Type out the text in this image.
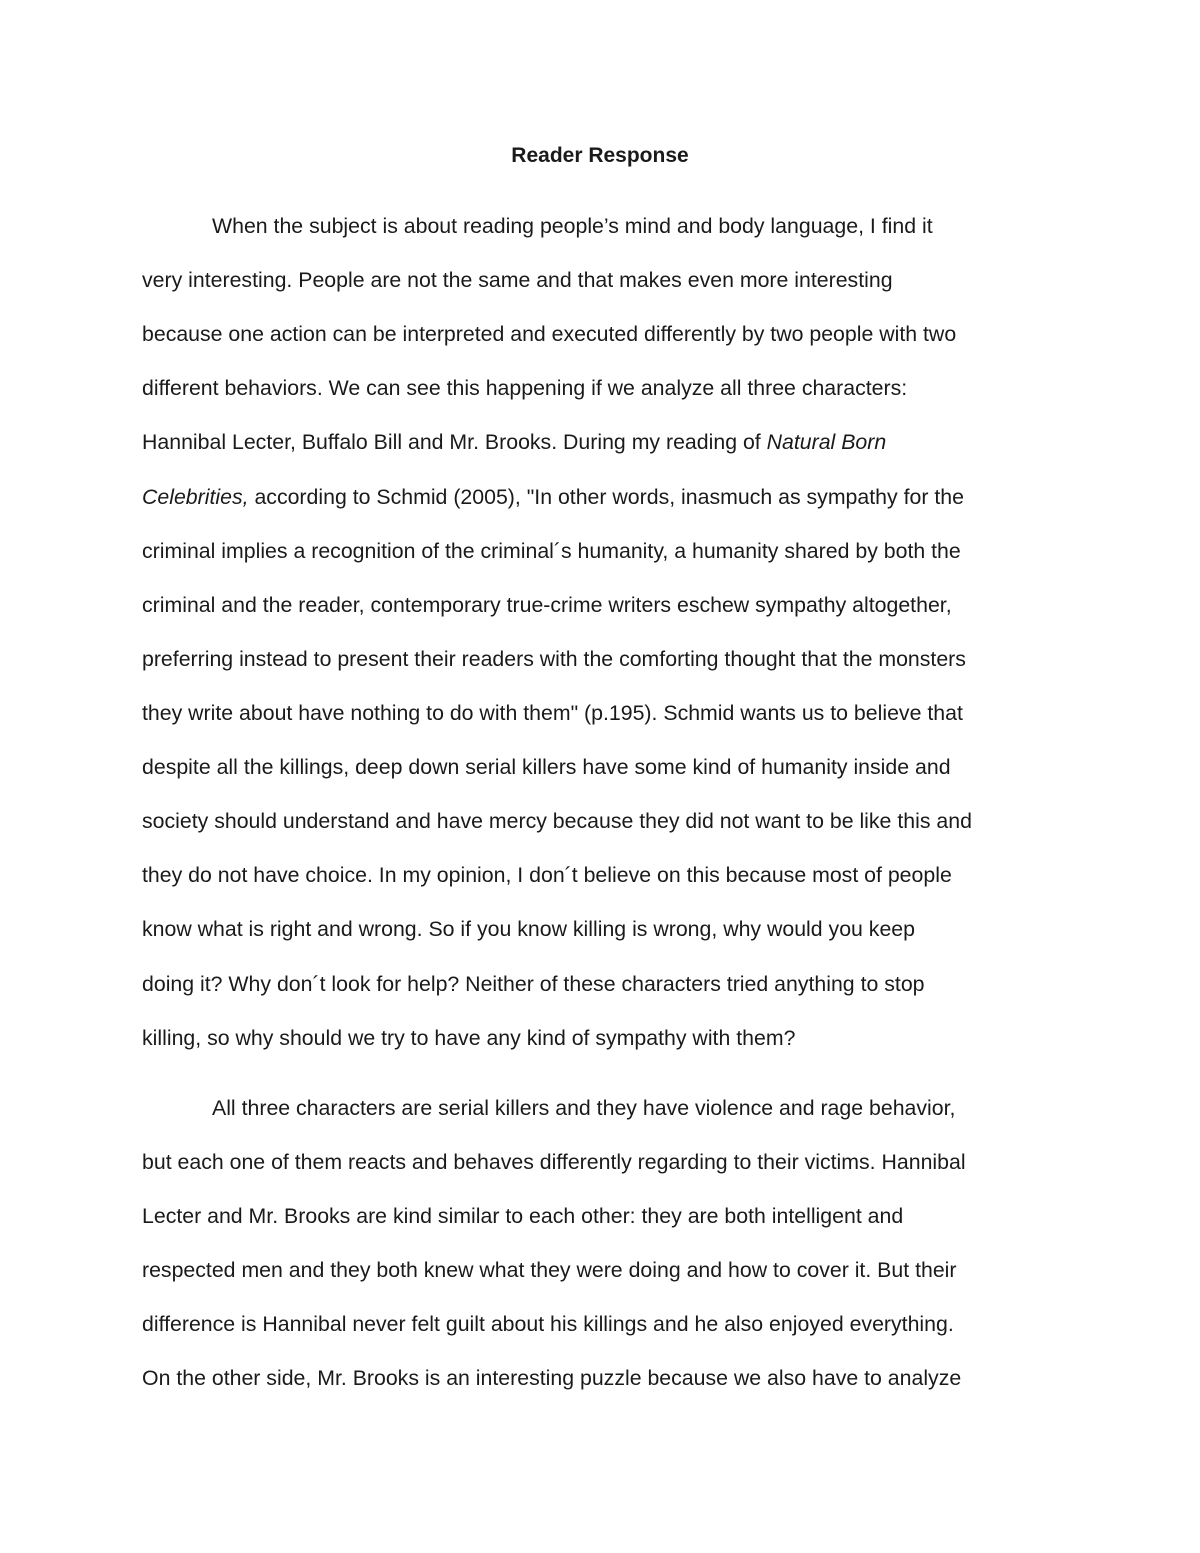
Reader Response
When the subject is about reading people’s mind and body language, I find it
very interesting. People are not the same and that makes even more interesting
because one action can be interpreted and executed differently by two people with two
different behaviors. We can see this happening if we analyze all three characters:
Hannibal Lecter, Buffalo Bill and Mr. Brooks. During my reading of Natural Born
Celebrities, according to Schmid (2005), "In other words, inasmuch as sympathy for the
criminal implies a recognition of the criminal´s humanity, a humanity shared by both the
criminal and the reader, contemporary true-crime writers eschew sympathy altogether,
preferring instead to present their readers with the comforting thought that the monsters
they write about have nothing to do with them" (p.195). Schmid wants us to believe that
despite all the killings, deep down serial killers have some kind of humanity inside and
society should understand and have mercy because they did not want to be like this and
they do not have choice. In my opinion, I don´t believe on this because most of people
know what is right and wrong. So if you know killing is wrong, why would you keep
doing it? Why don´t look for help? Neither of these characters tried anything to stop
killing, so why should we try to have any kind of sympathy with them?
All three characters are serial killers and they have violence and rage behavior,
but each one of them reacts and behaves differently regarding to their victims. Hannibal
Lecter and Mr. Brooks are kind similar to each other: they are both intelligent and
respected men and they both knew what they were doing and how to cover it. But their
difference is Hannibal never felt guilt about his killings and he also enjoyed everything.
On the other side, Mr. Brooks is an interesting puzzle because we also have to analyze
